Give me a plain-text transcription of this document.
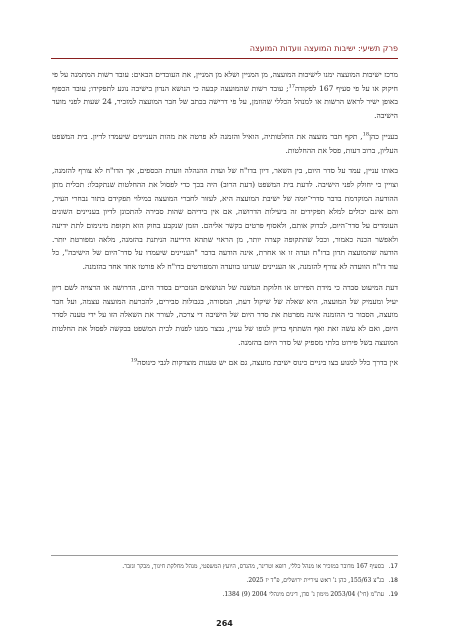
פרק תשיעי: ישיבות המועצה וועדות המועצה

מרכז ישיבות המועצה ימנו לישיבות המועצה, מן המניין ושלא מן המניין, את העובדים הבאים: עובד רשות המתמנה על פי חיקוק או על פי סעיף 167 לפקודה$^{17}$; עובד רשות שהמועצה קבעה כי הנושא הנדון בישיבה נוגע לתפקידו; עובד הכפוף באופן ישיר לראש הרשות או למנהל הכללי שהוזמן, על פי דרישה בכתב של חבר המועצה למזכיר, 24 שעות לפני מועד הישיבה.

בעניין כהן$^{18}$, תקף חבר מועצה את החלטותיה, הואיל והזמנה לא פרטה את מהות העניינים שיעמדו לדיון. בית המשפט העליון, ברוב דעות, פסל את ההחלטות.

באותו עניין, עמד על סדר היום, בין השאר, דיון בדו"ח של ועדת ההנהלה וועדת הכספים, אך הדו"ח לא צורף להזמנה, וצויין כי יחולק לפני הישיבה. לדעת בית המשפט (דעת הרוב) היה בכך כדי לפסול את ההחלטות שנתקבלו: תכלית מתן ההודעה המוקדמת בדבר סדרי־יומה של ישיבת המועצה היא, לעזור לחברי המועצה במילוי תפקידם בתור נבחרי העיר, והם אינם יכולים למלא תפקידים זה ביעילות הדרושה, אם אין בידיהם שהות סבירה להתכונן לדיון בעניינים השונים העומדים על סדר־היום, לבדוק אותם, ולאסוף פרטים בקשר אליהם. הזמן שנקבע בחוק הוא תקופת מינימום לתת ידיעה ולאפשר הכנה כאמור, וככל שהתקופה קצרה יותר, מן הראוי שתהא היריעה הניתנת בהזמנה, מלאה ומפורטת יותר. הודעה שהמועצה תדון בדו"ח ועדה זו או אחרת, אינה הודעה בדבר "העניינים שיעמדו על סדר־היום של הישיבה", כל עוד דו"ח הוועדה לא צורף להזמנה, או העניינים שנדונו בוועדה והמפורטים בדו"ח לא פורטו אחד אחד בהזמנה.

דעת המיעוט סברה כי מידת הפירוט או חלוקת המשנה של הנושאים הנזכרים בסדר היום, הדרושה או הרצויה לשם דיון יעיל ומעמיק של המועצה, היא שאלה של שיקול דעת, המסורה, בגבולות סבירים, להכרעת המועצה עצמה, ועל חבר מועצה, הסבור כי ההזמנה אינה מפרטת את סדר היום של הישיבה די צרכה, לעורר את השאלה הזו על ידי טענה לסדר היום, ואם לא עשה זאת ואף השתתף בדיון לגופו של עניין, נבצר ממנו לפנות לבית המשפט בבקשה לפסול את החלטות המועצה בשל פירוט בלתי מספיק של סדר היום בהזמנה.

אין בדרך כלל למנוע בצו ביניים כינוס ישיבת מועצה, גם אם יש טענות מוצדקות לגבי כינוסה$^{19}$

17.
בסעיף 167 מדובר במזכיר או מנהל כללי, רופא וטרינר, מהנדס, היועץ המשפטי, מנהל מחלקת חינוך, מבקר וגזבר.
18.
בג"צ 155/63, כהן נ' ראש עיריית ירושלים, פ"ד יז 2025.
19.
עת"מ (חי') 2053/04 מימון נ' סדן, דינים מינהלי 2004 (9) 1384.
264
